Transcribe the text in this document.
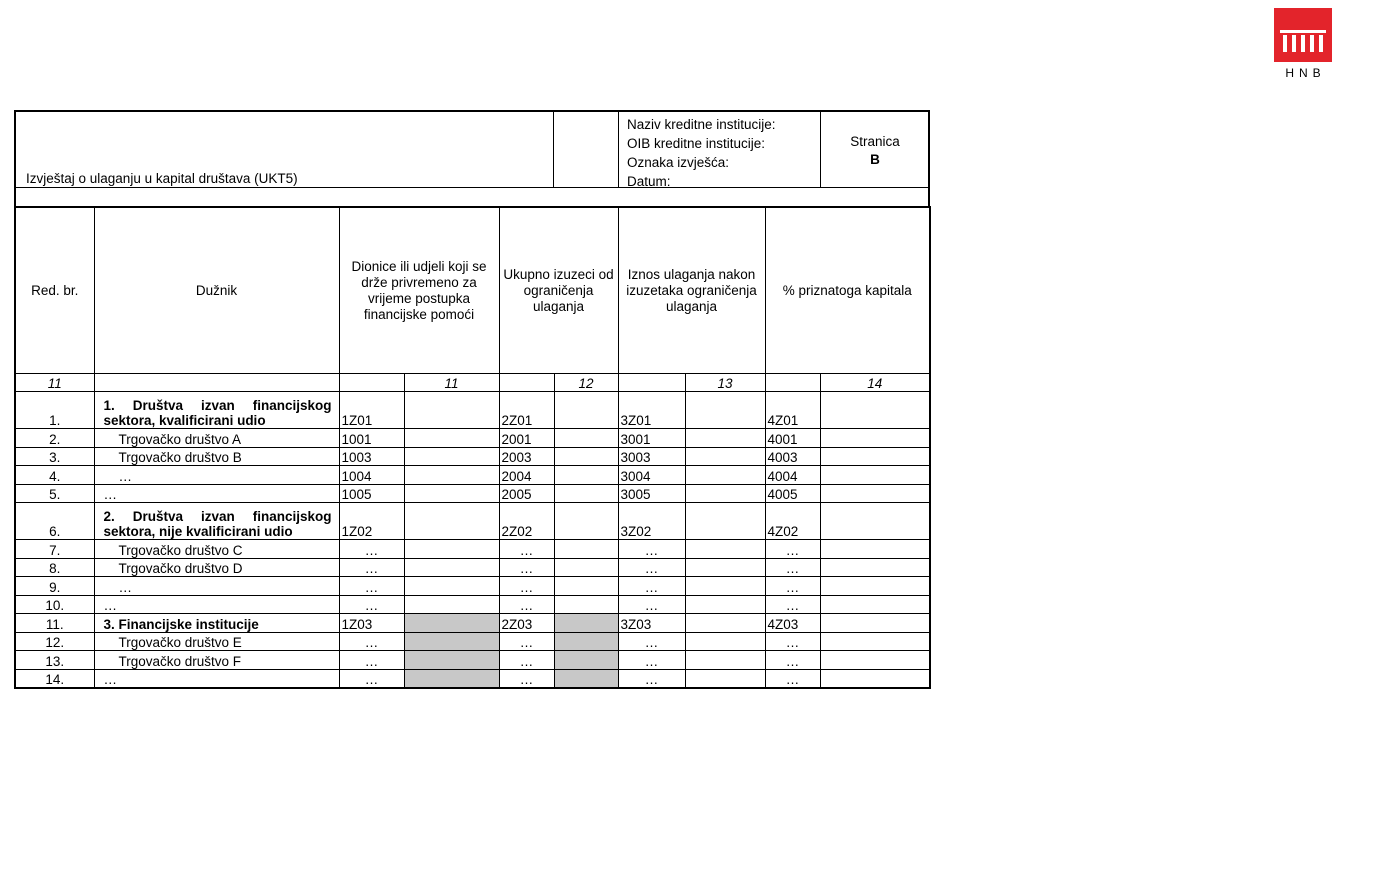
HNB
Izvještaj o ulaganju u kapital društava (UKT5)
Naziv kreditne institucije:
OIB kreditne institucije:
Oznaka izvješća:
Datum:
Stranica
B
Red. br.	Dužnik	Dionice ili udjeli koji se drže privremeno za vrijeme postupka financijske pomoći		Ukupno izuzeci od ograničenja ulaganja		Iznos ulaganja nakon izuzetaka ograničenja ulaganja		% priznatoga kapitala	
11			11		12		13		14
1.	1. Društva izvan financijskog sektora, kvalificirani udio	1Z01		2Z01		3Z01		4Z01	
2.	Trgovačko društvo A	1001		2001		3001		4001	
3.	Trgovačko društvo B	1003		2003		3003		4003	
4.	…	1004		2004		3004		4004	
5.	…	1005		2005		3005		4005	
6.	2. Društva izvan financijskog sektora, nije kvalificirani udio	1Z02		2Z02		3Z02		4Z02	
7.	Trgovačko društvo C	…		…		…		…	
8.	Trgovačko društvo D	…		…		…		…	
9.	…	…		…		…		…	
10.	…	…		…		…		…	
11.	3. Financijske institucije	1Z03		2Z03		3Z03		4Z03	
12.	Trgovačko društvo E	…		…		…		…	
13.	Trgovačko društvo F	…		…		…		…	
14.	…	…		…		…		…	
